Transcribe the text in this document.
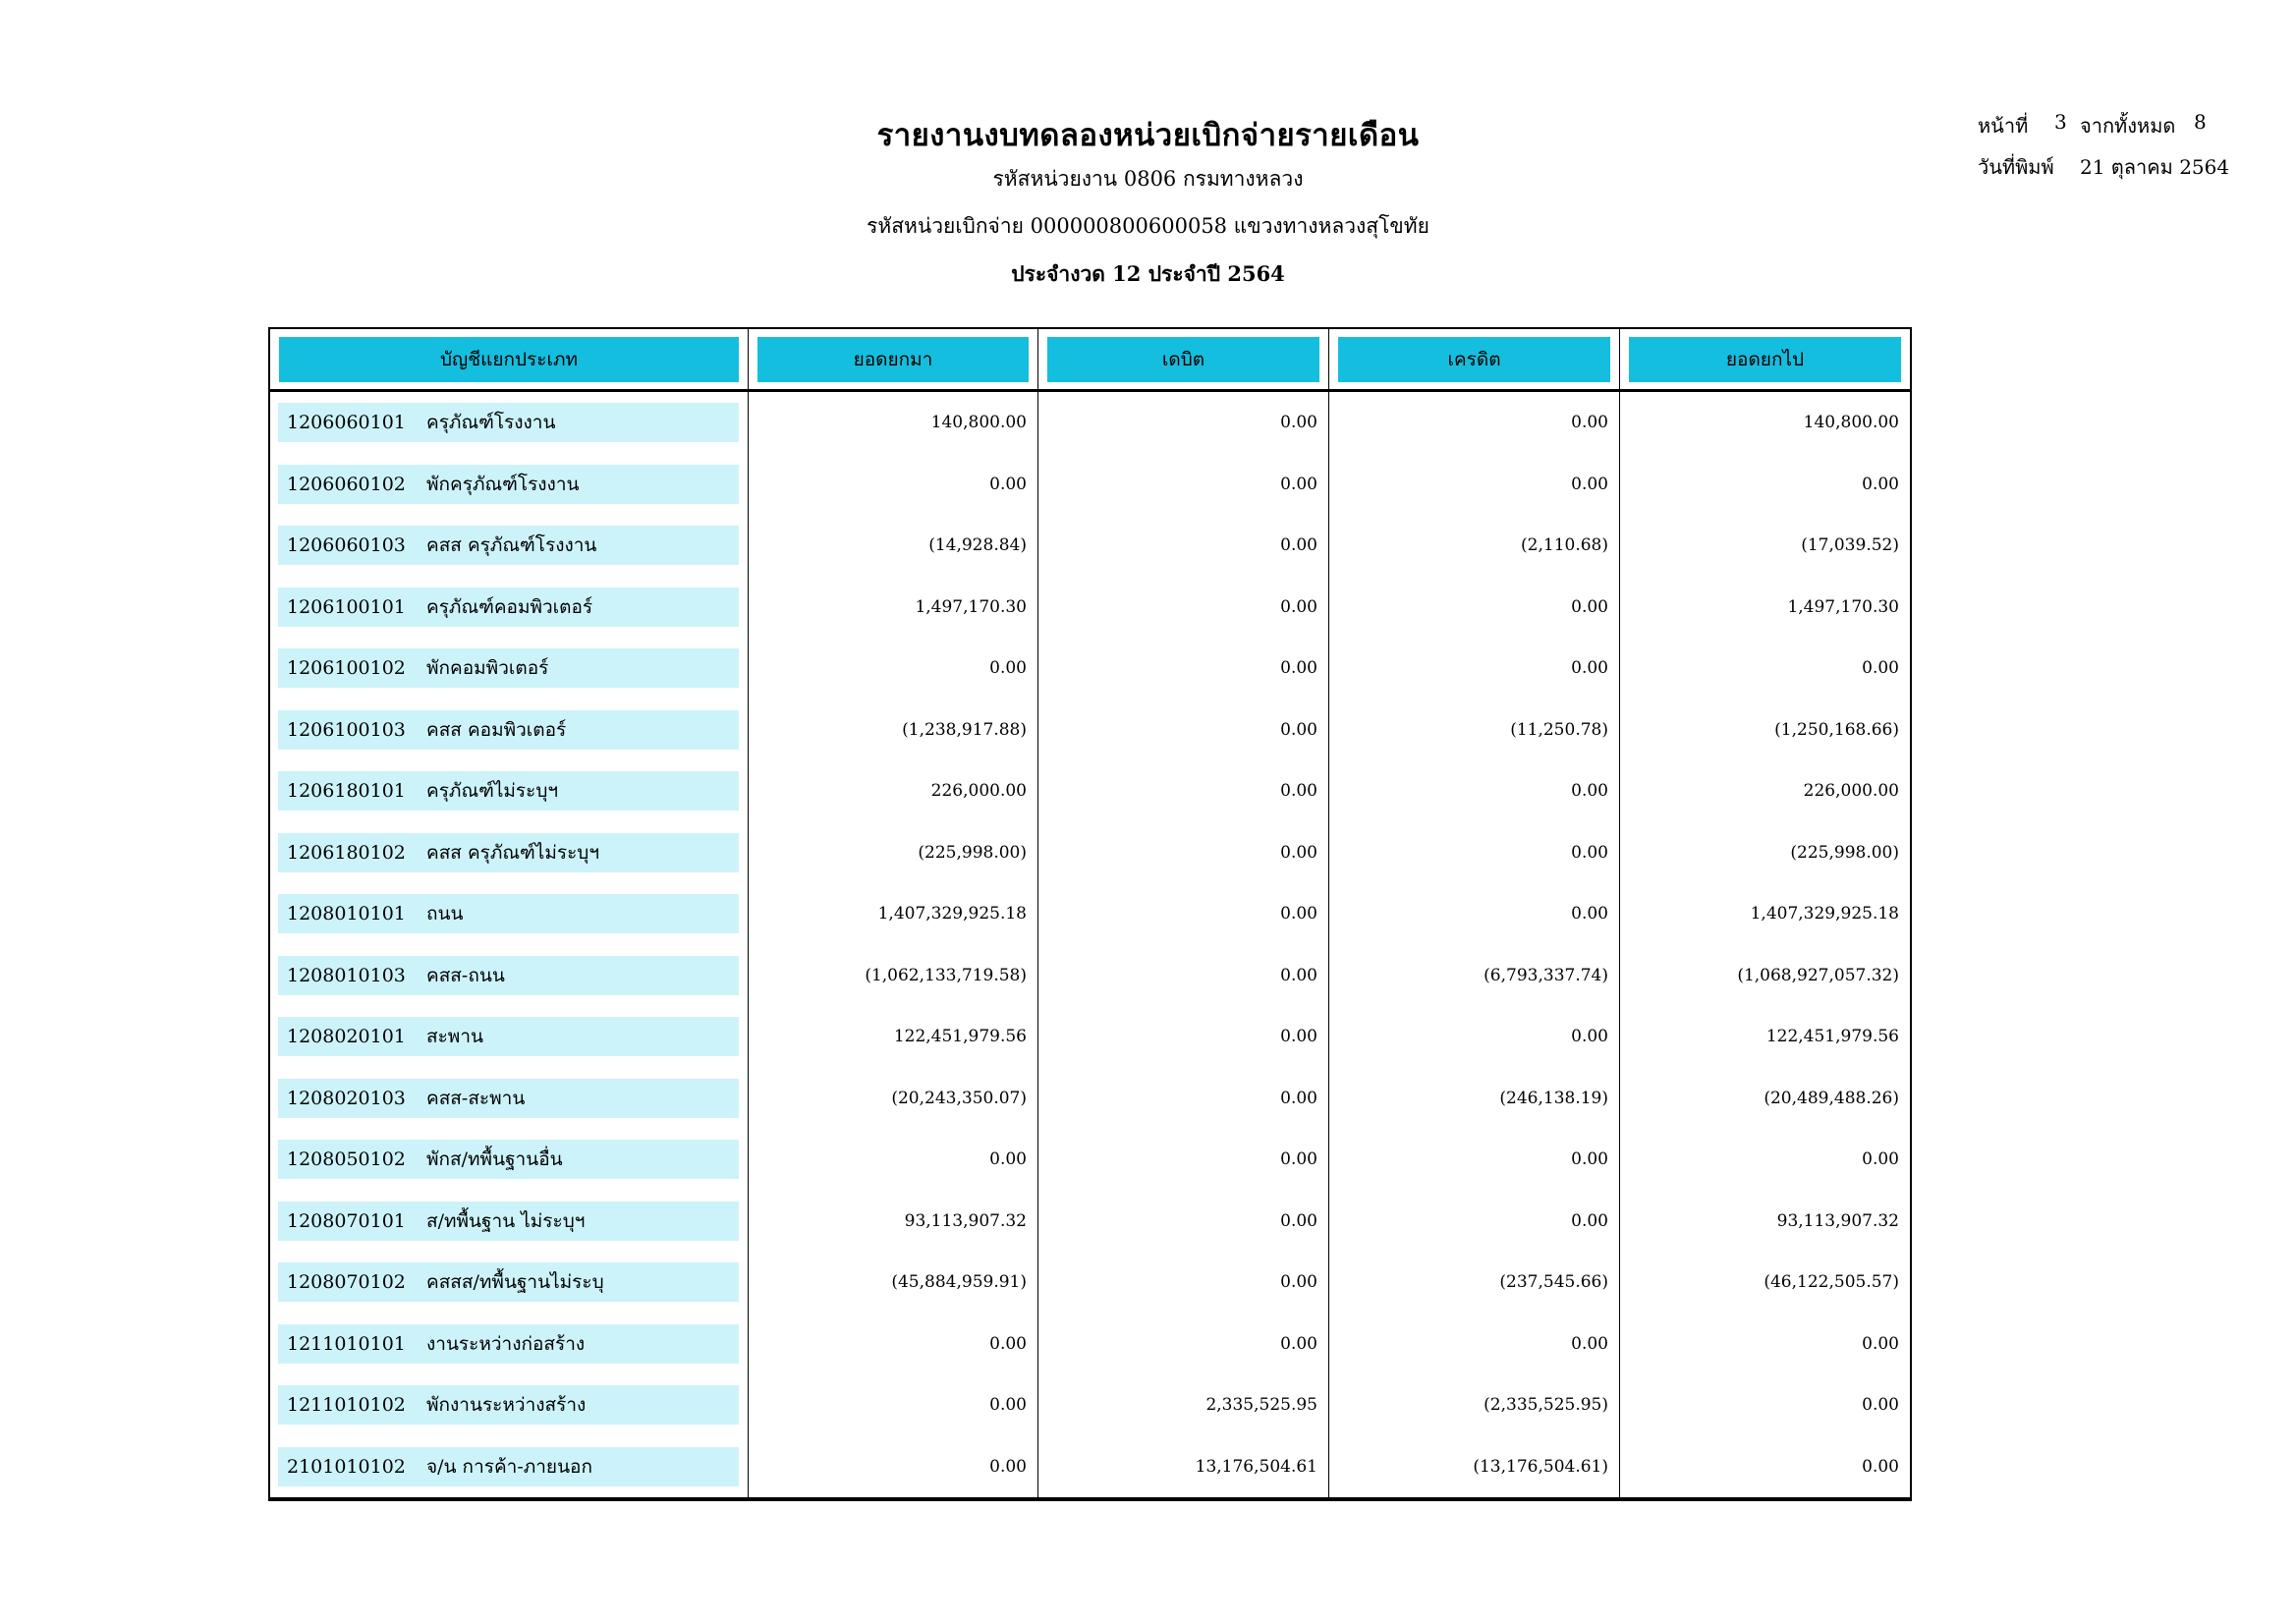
รายงานงบทดลองหน่วยเบิกจ่ายรายเดือน
รหัสหน่วยงาน 0806 กรมทางหลวง
รหัสหน่วยเบิกจ่าย 000000800600058 แขวงทางหลวงสุโขทัย
ประจำงวด 12 ประจำปี 2564
หน้าที่	3 จากทั้งหมด 8
วันที่พิมพ์ 21 ตุลาคม 2564
บัญชีแยกประเภท	ยอดยกมา	เดบิต	เครดิต	ยอดยกไป
1206060101	ครุภัณฑ์โรงงาน	140,800.00	0.00	0.00	140,800.00
1206060102	พักครุภัณฑ์โรงงาน	0.00	0.00	0.00	0.00
1206060103	คสส ครุภัณฑ์โรงงาน	(14,928.84)	0.00	(2,110.68)	(17,039.52)
1206100101	ครุภัณฑ์คอมพิวเตอร์	1,497,170.30	0.00	0.00	1,497,170.30
1206100102	พักคอมพิวเตอร์	0.00	0.00	0.00	0.00
1206100103	คสส คอมพิวเตอร์	(1,238,917.88)	0.00	(11,250.78)	(1,250,168.66)
1206180101	ครุภัณฑ์ไม่ระบุฯ	226,000.00	0.00	0.00	226,000.00
1206180102	คสส ครุภัณฑ์ไม่ระบุฯ	(225,998.00)	0.00	0.00	(225,998.00)
1208010101	ถนน	1,407,329,925.18	0.00	0.00	1,407,329,925.18
1208010103	คสส-ถนน	(1,062,133,719.58)	0.00	(6,793,337.74)	(1,068,927,057.32)
1208020101	สะพาน	122,451,979.56	0.00	0.00	122,451,979.56
1208020103	คสส-สะพาน	(20,243,350.07)	0.00	(246,138.19)	(20,489,488.26)
1208050102	พักส/ทพื้นฐานอื่น	0.00	0.00	0.00	0.00
1208070101	ส/ทพื้นฐาน ไม่ระบุฯ	93,113,907.32	0.00	0.00	93,113,907.32
1208070102	คสสส/ทพื้นฐานไม่ระบุ	(45,884,959.91)	0.00	(237,545.66)	(46,122,505.57)
1211010101	งานระหว่างก่อสร้าง	0.00	0.00	0.00	0.00
1211010102	พักงานระหว่างสร้าง	0.00	2,335,525.95	(2,335,525.95)	0.00
2101010102	จ/น การค้า-ภายนอก	0.00	13,176,504.61	(13,176,504.61)	0.00
